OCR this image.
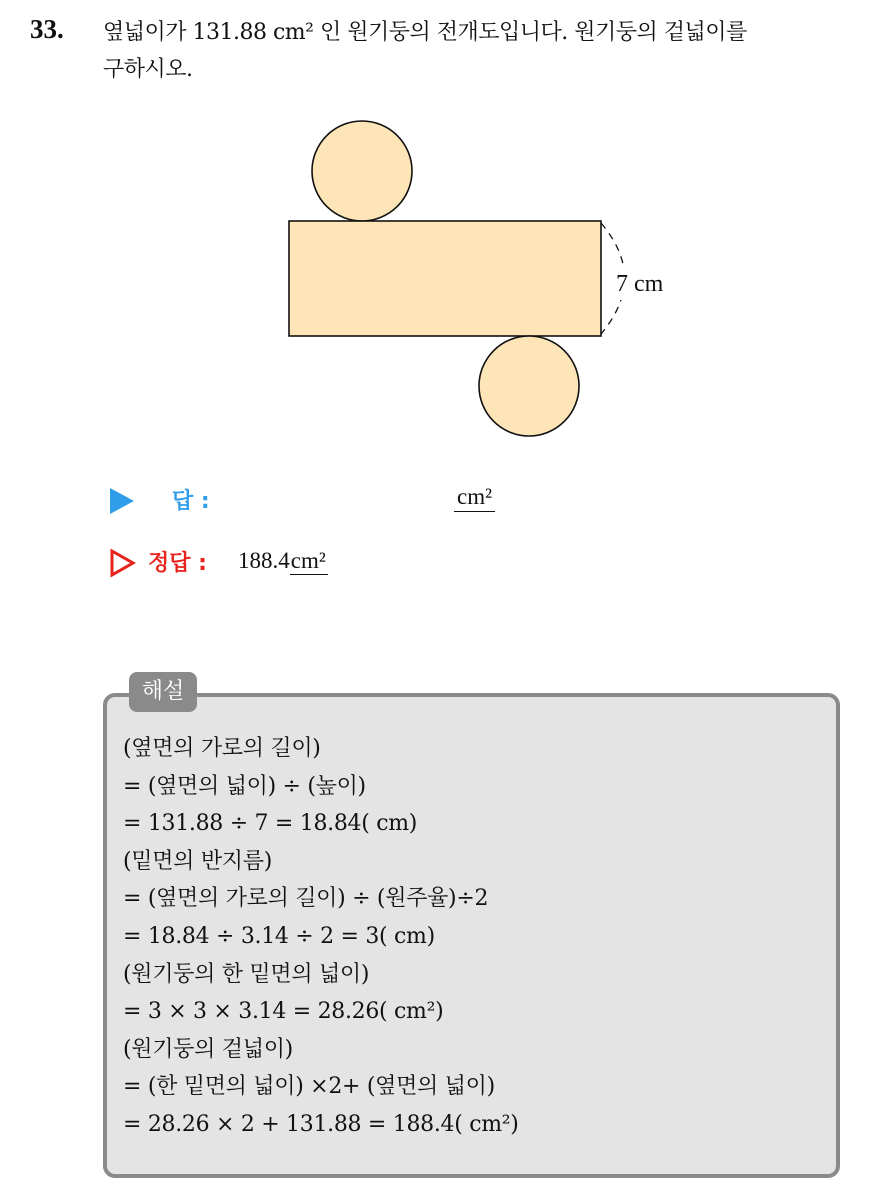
33. 옆넓이가 131.88 cm² 인 원기둥의 전개도입니다. 원기둥의 겉넓이를
구하시오.
7 cm
답 :	cm²
정답 : 188.4cm²
해설
(옆면의 가로의 길이)
= (옆면의 넓이) ÷ (높이)
= 131.88 ÷ 7 = 18.84( cm)
(밑면의 반지름)
= (옆면의 가로의 길이) ÷ (원주율)÷2
= 18.84 ÷ 3.14 ÷ 2 = 3( cm)
(원기둥의 한 밑면의 넓이)
= 3 × 3 × 3.14 = 28.26( cm²)
(원기둥의 겉넓이)
= (한 밑면의 넓이) ×2+ (옆면의 넓이)
= 28.26 × 2 + 131.88 = 188.4( cm²)
